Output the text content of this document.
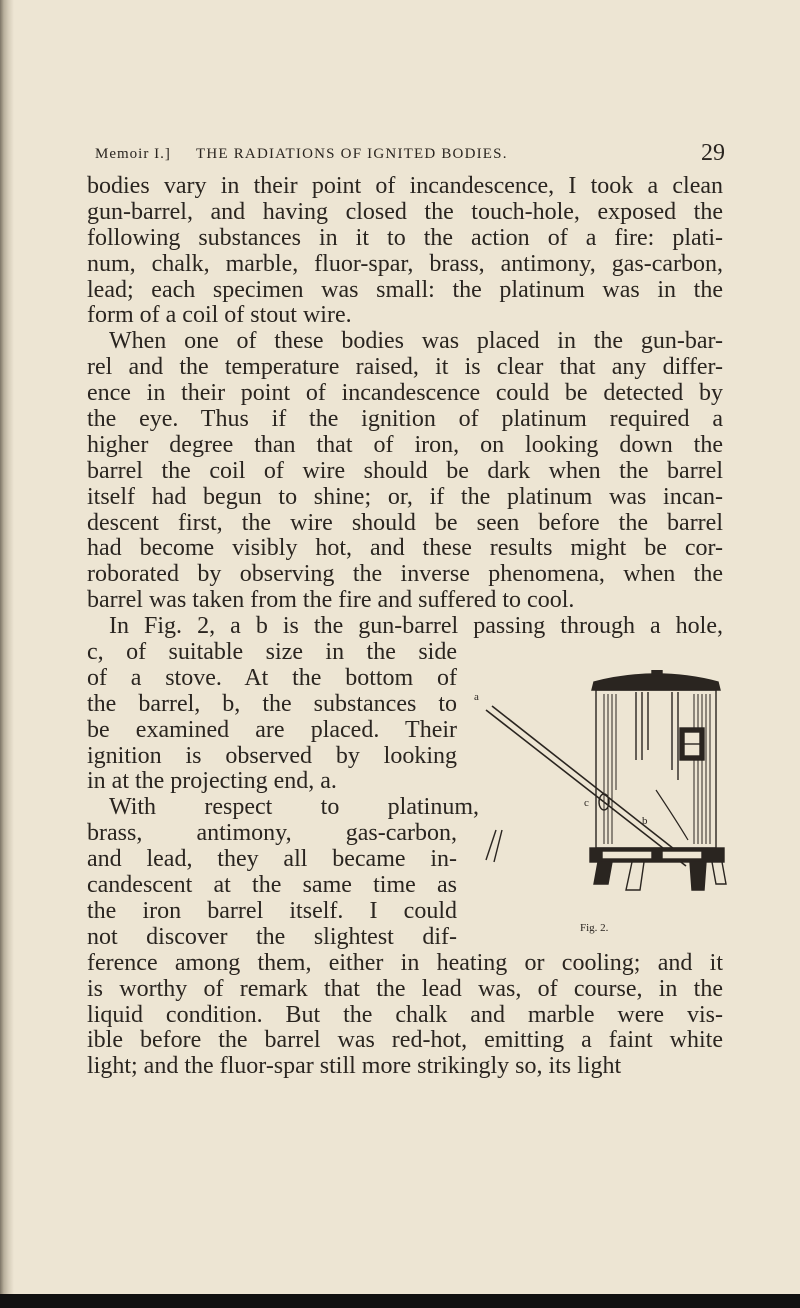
Memoir I.] THE RADIATIONS OF IGNITED BODIES.	29
bodies vary in their point of incandescence, I took a clean
gun-barrel, and having closed the touch-hole, exposed the
following substances in it to the action of a fire: plati-
num, chalk, marble, fluor-spar, brass, antimony, gas-carbon,
lead; each specimen was small: the platinum was in the
form of a coil of stout wire.
When one of these bodies was placed in the gun-bar-
rel and the temperature raised, it is clear that any differ-
ence in their point of incandescence could be detected by
the eye. Thus if the ignition of platinum required a
higher degree than that of iron, on looking down the
barrel the coil of wire should be dark when the barrel
itself had begun to shine; or, if the platinum was incan-
descent first, the wire should be seen before the barrel
had become visibly hot, and these results might be cor-
roborated by observing the inverse phenomena, when the
barrel was taken from the fire and suffered to cool.
In Fig. 2, a b is the gun-barrel passing through a hole,
c, of suitable size in the side
of a stove. At the bottom of
the barrel, b, the substances to
be examined are placed. Their
ignition is observed by looking
in at the projecting end, a.
With respect to platinum,
brass, antimony, gas-carbon,
and lead, they all became in-
candescent at the same time as
the iron barrel itself. I could
not discover the slightest dif-
ference among them, either in heating or cooling; and it
is worthy of remark that the lead was, of course, in the
liquid condition. But the chalk and marble were vis-
ible before the barrel was red-hot, emitting a faint white
light; and the fluor-spar still more strikingly so, its light
a
b
c
Fig. 2.
